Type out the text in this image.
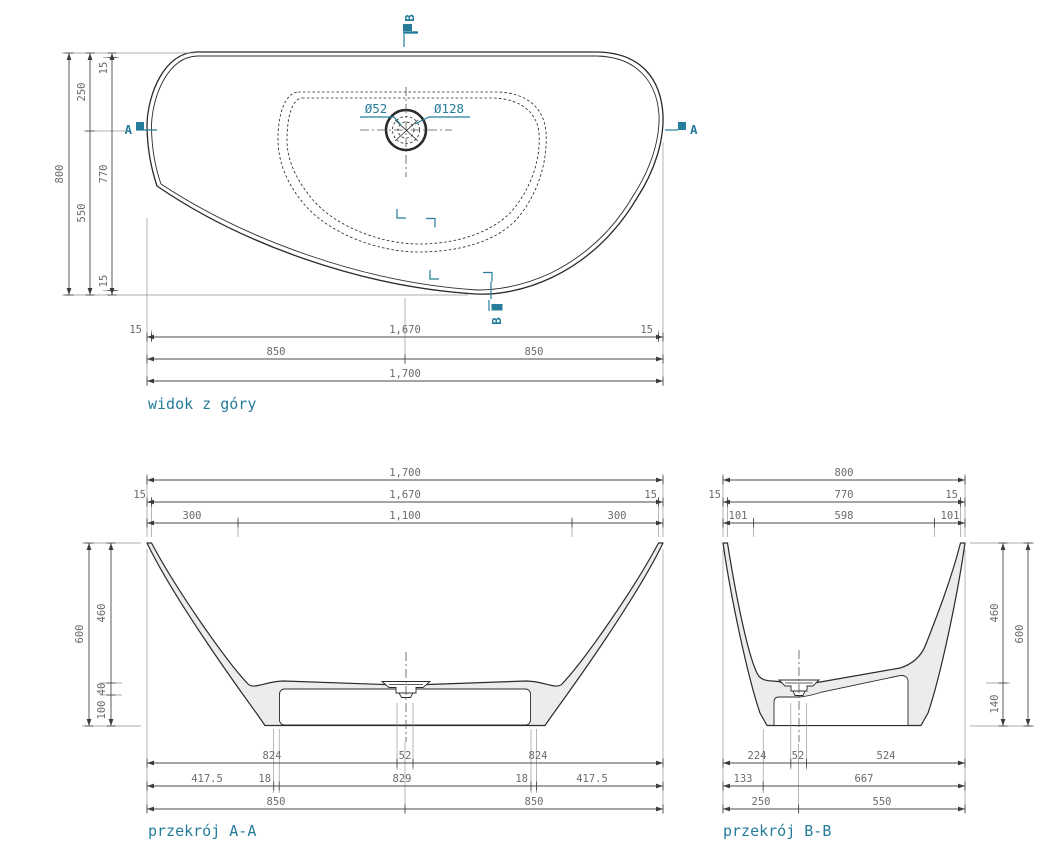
Ø52	Ø128
A	A
B
B
15	1,670	15
850	850
1,700
1,700
15	1,670	15
300	1,100	300
824	52	824
417.5	18	829	18	417.5
850	850
800
15	770	15
101	598	101
224 52	524
133	667
250	550
800
250
550
15
770
15
600
460
40
100
460
140
600
widok z góry
przekrój A-A	przekrój B-B
